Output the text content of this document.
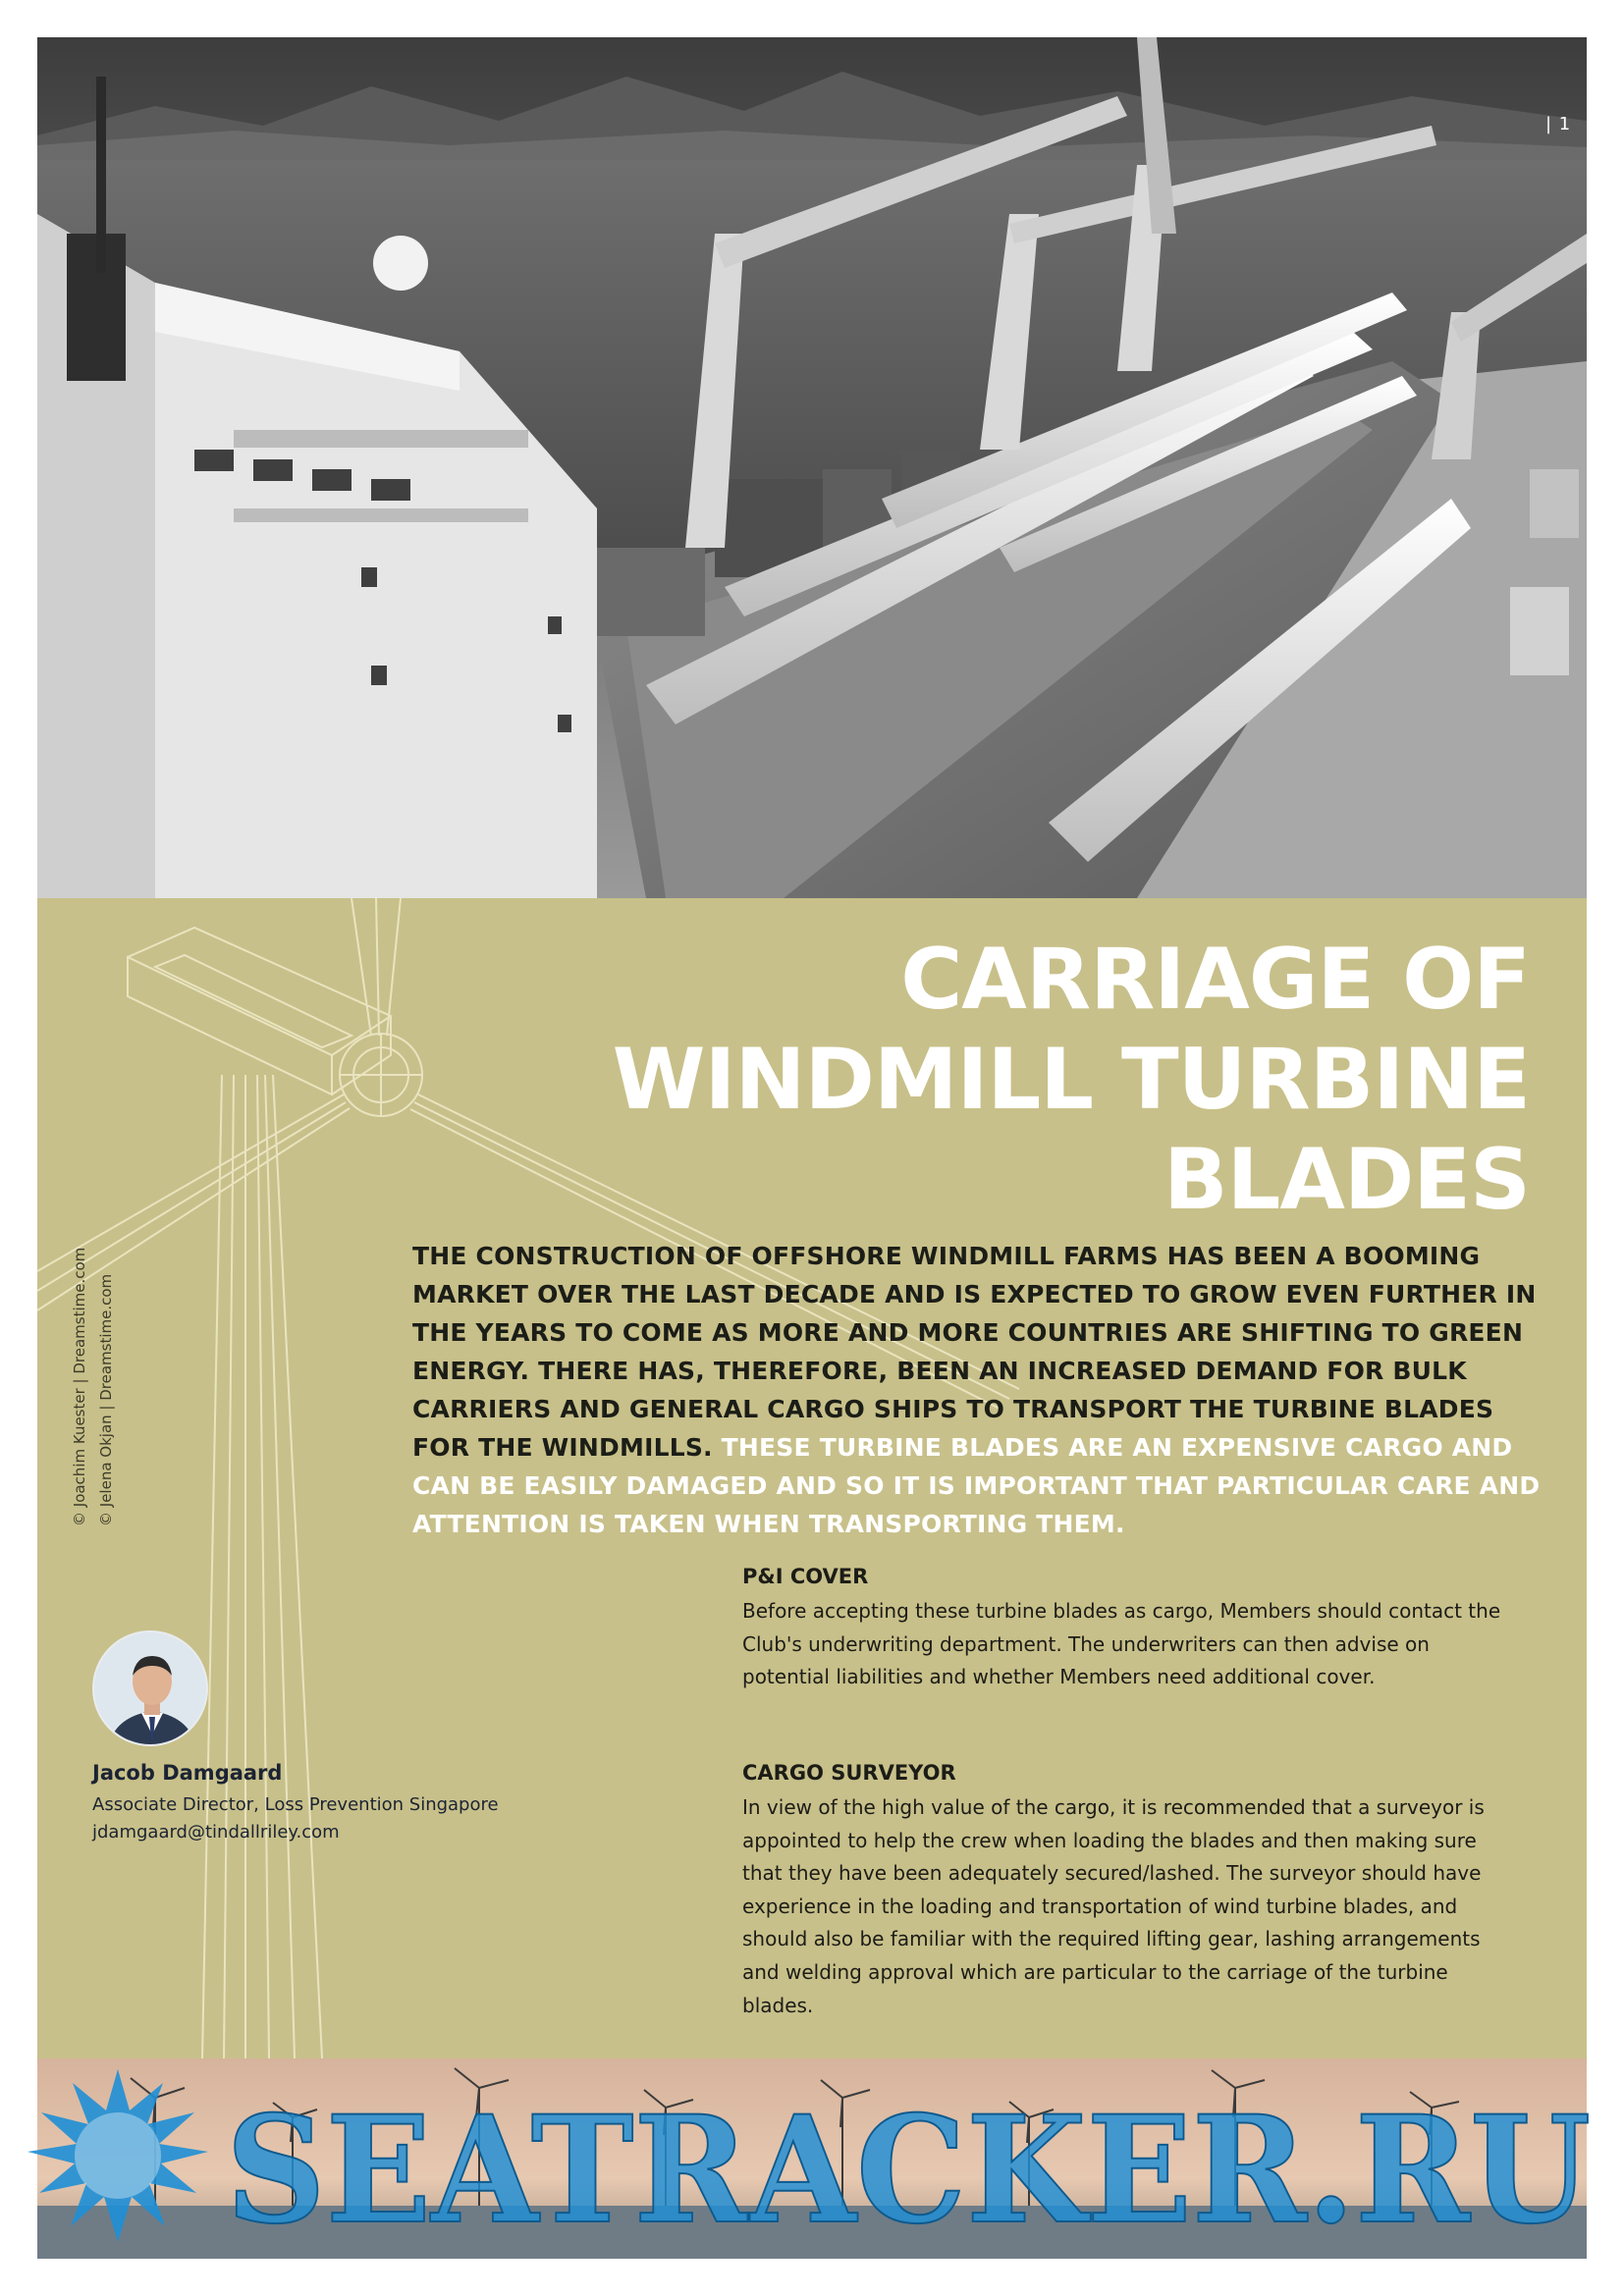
| 1
CARRIAGE OF
WINDMILL TURBINE
BLADES
THE CONSTRUCTION OF OFFSHORE WINDMILL FARMS HAS BEEN A BOOMING MARKET OVER THE LAST DECADE AND IS EXPECTED TO GROW EVEN FURTHER IN THE YEARS TO COME AS MORE AND MORE COUNTRIES ARE SHIFTING TO GREEN ENERGY. THERE HAS, THEREFORE, BEEN AN INCREASED DEMAND FOR BULK CARRIERS AND GENERAL CARGO SHIPS TO TRANSPORT THE TURBINE BLADES FOR THE WINDMILLS. THESE TURBINE BLADES ARE AN EXPENSIVE CARGO AND CAN BE EASILY DAMAGED AND SO IT IS IMPORTANT THAT PARTICULAR CARE AND ATTENTION IS TAKEN WHEN TRANSPORTING THEM.
© Joachim Kuester | Dreamstime.com © Jelena Okjan | Dreamstime.com
Jacob Damgaard
Associate Director, Loss Prevention Singapore
jdamgaard@tindallriley.com
P&I COVER

Before accepting these turbine blades as cargo, Members should contact the Club's underwriting department. The underwriters can then advise on potential liabilities and whether Members need additional cover.

CARGO SURVEYOR

In view of the high value of the cargo, it is recommended that a surveyor is appointed to help the crew when loading the blades and then making sure that they have been adequately secured/lashed. The surveyor should have experience in the loading and transportation of wind turbine blades, and should also be familiar with the required lifting gear, lashing arrangements and welding approval which are particular to the carriage of the turbine blades.

SEATRACKER.RU
